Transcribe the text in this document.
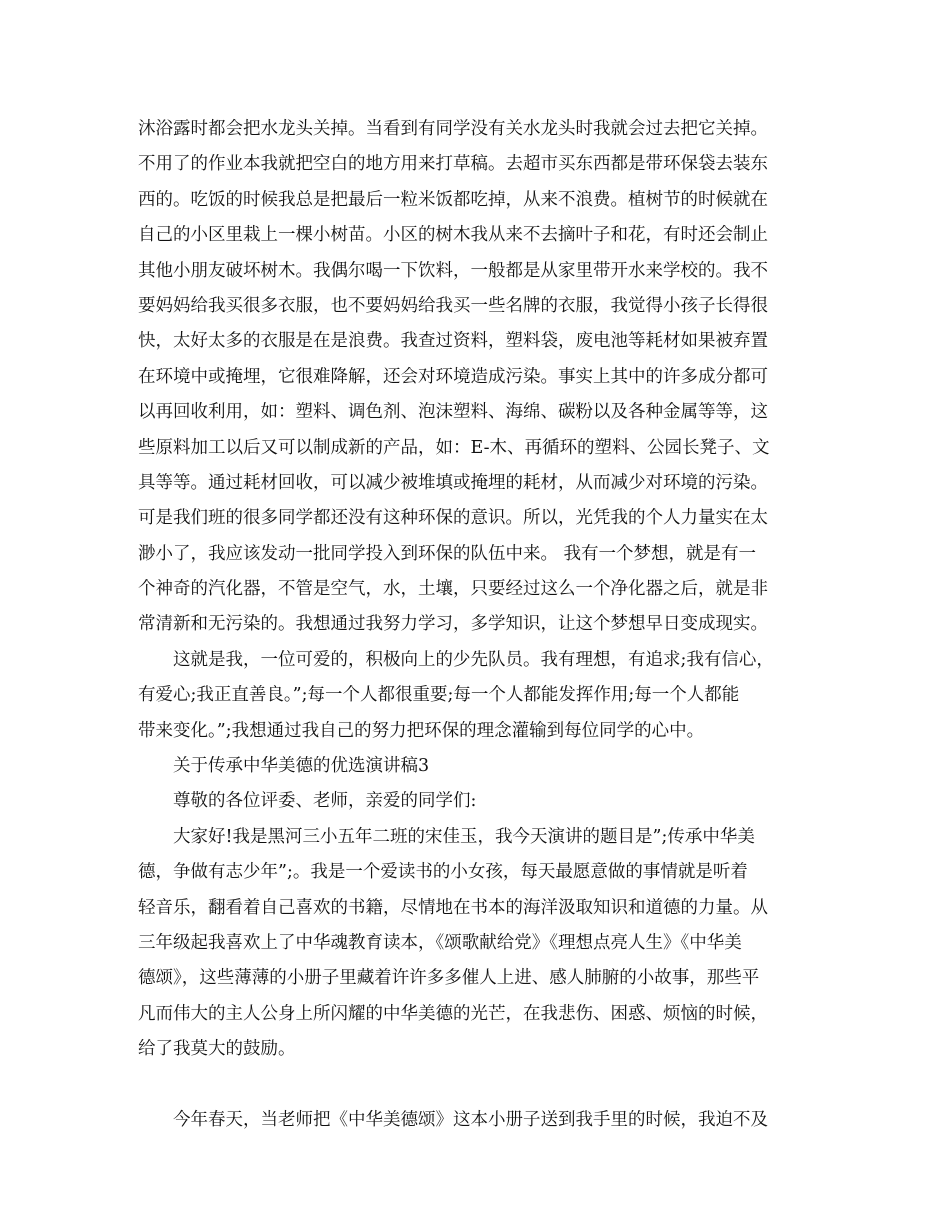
沐浴露时都会把水龙头关掉。当看到有同学没有关水龙头时我就会过去把它关掉。
不用了的作业本我就把空白的地方用来打草稿。去超市买东西都是带环保袋去装东
西的。吃饭的时候我总是把最后一粒米饭都吃掉，从来不浪费。植树节的时候就在
自己的小区里栽上一棵小树苗。小区的树木我从来不去摘叶子和花，有时还会制止
其他小朋友破坏树木。我偶尔喝一下饮料，一般都是从家里带开水来学校的。我不
要妈妈给我买很多衣服，也不要妈妈给我买一些名牌的衣服，我觉得小孩子长得很
快，太好太多的衣服是在是浪费。我查过资料，塑料袋，废电池等耗材如果被弃置
在环境中或掩埋，它很难降解，还会对环境造成污染。事实上其中的许多成分都可
以再回收利用，如：塑料、调色剂、泡沫塑料、海绵、碳粉以及各种金属等等，这
些原料加工以后又可以制成新的产品，如：E-木、再循环的塑料、公园长凳子、文
具等等。通过耗材回收，可以减少被堆填或掩埋的耗材，从而减少对环境的污染。
可是我们班的很多同学都还没有这种环保的意识。所以，光凭我的个人力量实在太
渺小了，我应该发动一批同学投入到环保的队伍中来。 我有一个梦想，就是有一
个神奇的汽化器，不管是空气，水，土壤，只要经过这么一个净化器之后，就是非
常清新和无污染的。我想通过我努力学习，多学知识，让这个梦想早日变成现实。
　　这就是我，一位可爱的，积极向上的少先队员。我有理想，有追求;我有信心，
有爱心;我正直善良。”;每一个人都很重要;每一个人都能发挥作用;每一个人都能
带来变化。”;我想通过我自己的努力把环保的理念灌输到每位同学的心中。
　　关于传承中华美德的优选演讲稿3
　　尊敬的各位评委、老师，亲爱的同学们:
　　大家好!我是黑河三小五年二班的宋佳玉，我今天演讲的题目是”;传承中华美
德，争做有志少年”;。我是一个爱读书的小女孩，每天最愿意做的事情就是听着
轻音乐，翻看着自己喜欢的书籍，尽情地在书本的海洋汲取知识和道德的力量。从
三年级起我喜欢上了中华魂教育读本，《颂歌献给党》《理想点亮人生》《中华美
德颂》，这些薄薄的小册子里藏着许许多多催人上进、感人肺腑的小故事，那些平
凡而伟大的主人公身上所闪耀的中华美德的光芒，在我悲伤、困惑、烦恼的时候，
给了我莫大的鼓励。
　　今年春天，当老师把《中华美德颂》这本小册子送到我手里的时候，我迫不及
